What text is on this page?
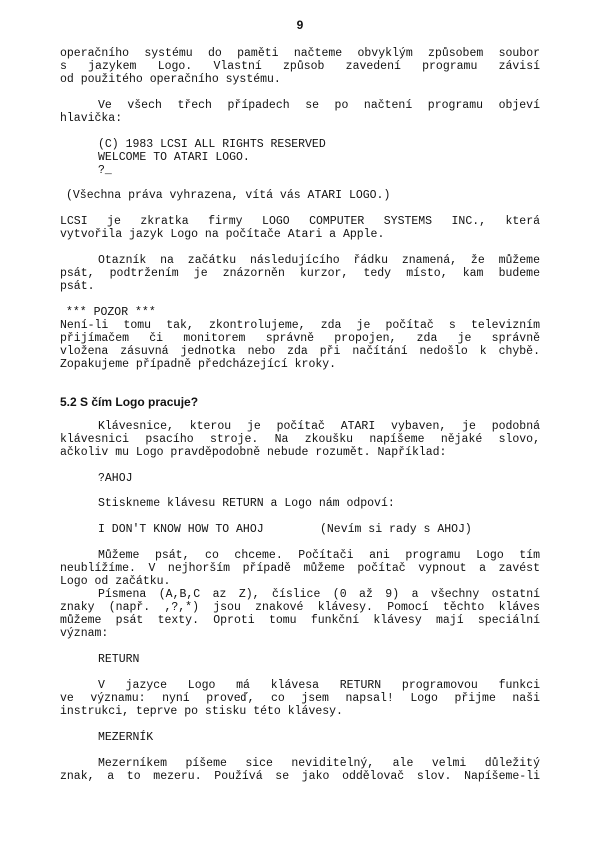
9
operačního systému do paměti načteme obvyklým způsobem soubor
s jazykem Logo. Vlastní způsob zavedení programu závisí
od použitého operačního systému.
Ve všech třech případech se po načtení programu objeví
hlavička:
(C) 1983 LCSI ALL RIGHTS RESERVED
WELCOME TO ATARI LOGO.
?_
(Všechna práva vyhrazena, vítá vás ATARI LOGO.)
LCSI je zkratka firmy LOGO COMPUTER SYSTEMS INC., která
vytvořila jazyk Logo na počítače Atari a Apple.
Otazník na začátku následujícího řádku znamená, že můžeme
psát, podtržením je znázorněn kurzor, tedy místo, kam budeme
psát.
*** POZOR ***
Není-li tomu tak, zkontrolujeme, zda je počítač s televizním
přijímačem či monitorem správně propojen, zda je správně
vložena zásuvná jednotka nebo zda při načítání nedošlo k chybě.
Zopakujeme případně předcházející kroky.
5.2 S čím Logo pracuje?
Klávesnice, kterou je počítač ATARI vybaven, je podobná
klávesnici psacího stroje. Na zkoušku napíšeme nějaké slovo,
ačkoliv mu Logo pravděpodobně nebude rozumět. Například:
?AHOJ
Stiskneme klávesu RETURN a Logo nám odpoví:
I DON'T KNOW HOW TO AHOJ	(Nevím si rady s AHOJ)
Můžeme psát, co chceme. Počítači ani programu Logo tím
neublížíme. V nejhorším případě můžeme počítač vypnout a zavést
Logo od začátku.
Písmena (A,B,C az Z), číslice (0 až 9) a všechny ostatní
znaky (např. ,?,*) jsou znakové klávesy. Pomocí těchto kláves
můžeme psát texty. Oproti tomu funkční klávesy mají speciální
význam:
RETURN
V jazyce Logo má klávesa RETURN programovou funkci
ve významu: nyní proveď, co jsem napsal! Logo přijme naši
instrukci, teprve po stisku této klávesy.
MEZERNÍK
Mezerníkem píšeme sice neviditelný, ale velmi důležitý
znak, a to mezeru. Používá se jako oddělovač slov. Napíšeme-li
